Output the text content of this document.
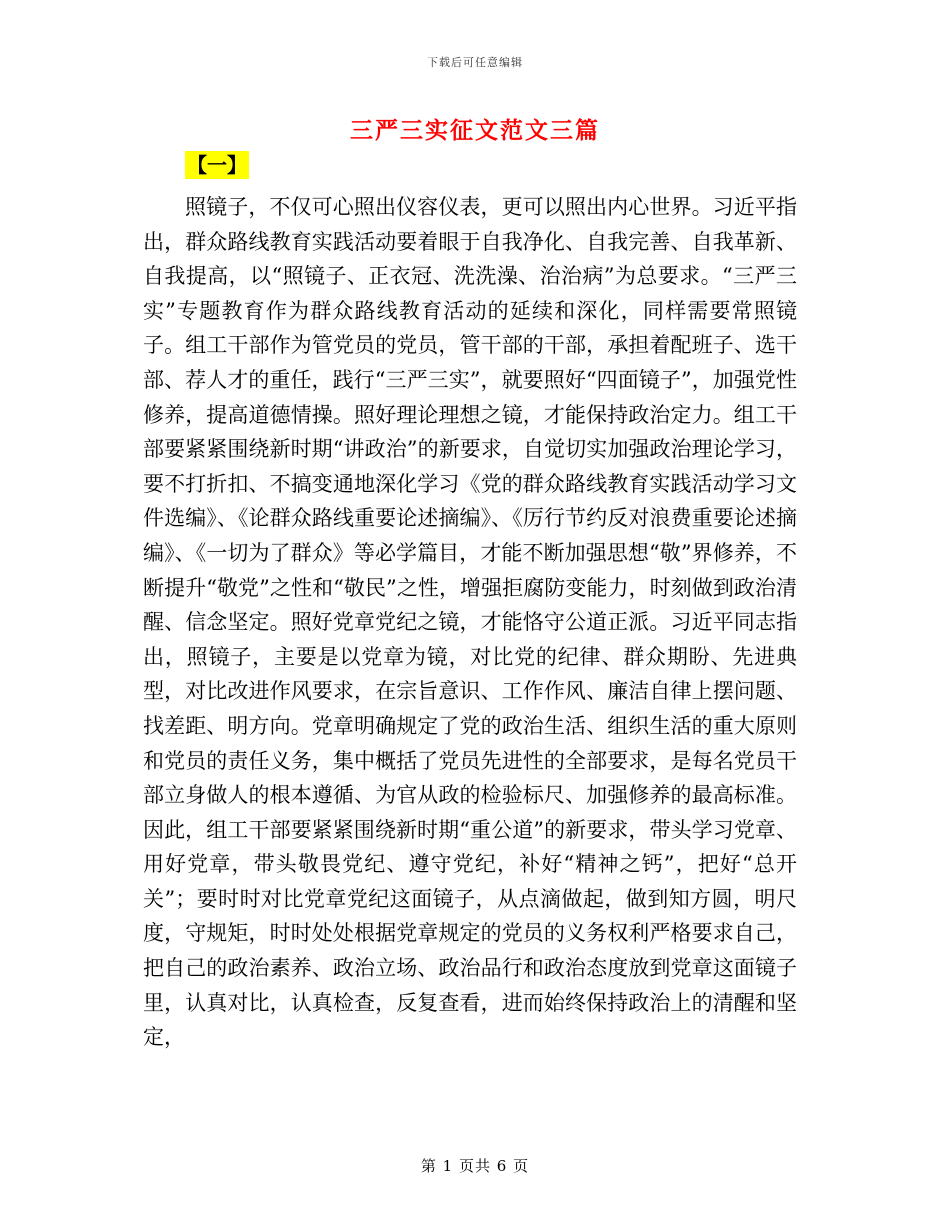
下载后可任意编辑
三严三实征文范文三篇
【一】

照镜子，不仅可心照出仪容仪表，更可以照出内心世界。习近平指出，群众路线教育实践活动要着眼于自我净化、自我完善、自我革新、自我提高，以“照镜子、正衣冠、洗洗澡、治治病”为总要求。“三严三实”专题教育作为群众路线教育活动的延续和深化，同样需要常照镜子。组工干部作为管党员的党员，管干部的干部，承担着配班子、选干部、荐人才的重任，践行“三严三实”，就要照好“四面镜子”，加强党性修养，提高道德情操。照好理论理想之镜，才能保持政治定力。组工干部要紧紧围绕新时期“讲政治”的新要求，自觉切实加强政治理论学习，要不打折扣、不搞变通地深化学习《党的群众路线教育实践活动学习文件选编》、《论群众路线重要论述摘编》、《厉行节约反对浪费重要论述摘编》、《一切为了群众》等必学篇目，才能不断加强思想“敬”界修养，不断提升“敬党”之性和“敬民”之性，增强拒腐防变能力，时刻做到政治清醒、信念坚定。照好党章党纪之镜，才能恪守公道正派。习近平同志指出，照镜子，主要是以党章为镜，对比党的纪律、群众期盼、先进典型，对比改进作风要求，在宗旨意识、工作作风、廉洁自律上摆问题、找差距、明方向。党章明确规定了党的政治生活、组织生活的重大原则和党员的责任义务，集中概括了党员先进性的全部要求，是每名党员干部立身做人的根本遵循、为官从政的检验标尺、加强修养的最高标准。因此，组工干部要紧紧围绕新时期“重公道”的新要求，带头学习党章、用好党章，带头敬畏党纪、遵守党纪，补好“精神之钙”，把好“总开关”；要时时对比党章党纪这面镜子，从点滴做起，做到知方圆，明尺度，守规矩，时时处处根据党章规定的党员的义务权利严格要求自己，把自己的政治素养、政治立场、政治品行和政治态度放到党章这面镜子里，认真对比，认真检查，反复查看，进而始终保持政治上的清醒和坚定，

第 1 页共 6 页
